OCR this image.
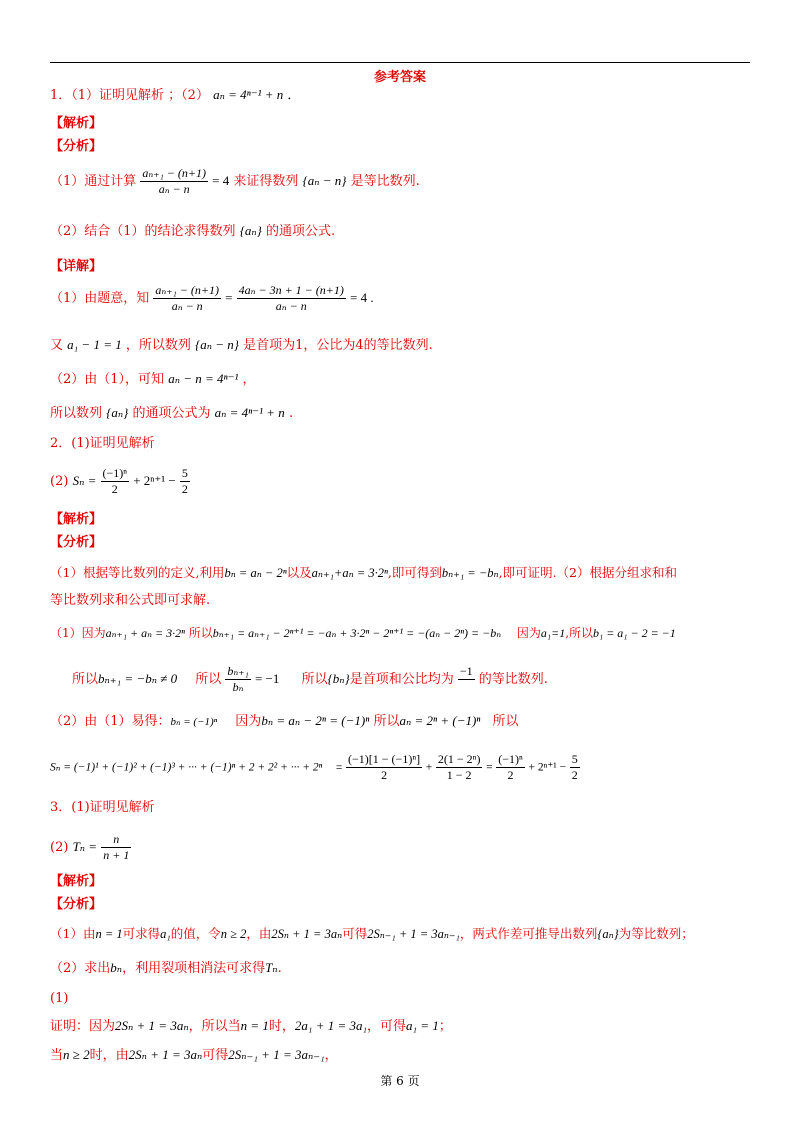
参考答案
1．（1）证明见解析 ；（2） aₙ = 4ⁿ⁻¹ + n ．
【解析】
【分析】
（1）通过计算 $\frac{\text{aₙ₊₁ − (n+1)}}{\text{aₙ − n}} = 4$ 来证得数列 {aₙ − n} 是等比数列.
（2）结合（1）的结论求得数列 {aₙ} 的通项公式.
【详解】
（1）由题意，知 $\frac{\text{aₙ₊₁ − (n+1)}}{\text{aₙ − n}} = \frac{\text{4aₙ − 3n + 1 − (n+1)}}{\text{aₙ − n}} = 4$ .
又 a₁ − 1 = 1 ，所以数列 {aₙ − n} 是首项为1，公比为4的等比数列.
（2）由（1），可知 aₙ − n = 4ⁿ⁻¹ ，
所以数列 {aₙ} 的通项公式为 aₙ = 4ⁿ⁻¹ + n .
2．(1)证明见解析
(2) $S_n = \frac{\text{(−1)ⁿ}}{2} + 2^{n+1} - \frac{5}{2}$
【解析】
【分析】
（1）根据等比数列的定义,利用bₙ = aₙ − 2ⁿ以及aₙ₊₁+aₙ = 3·2ⁿ,即可得到bₙ₊₁ = −bₙ,即可证明.（2）根据分组求和和
等比数列求和公式即可求解.
（1）因为aₙ₊₁ + aₙ = 3·2ⁿ 所以bₙ₊₁ = aₙ₊₁ − 2ⁿ⁺¹ = −aₙ + 3·2ⁿ − 2ⁿ⁺¹ = −(aₙ − 2ⁿ) = −bₙ 因为a₁=1,所以b₁ = a₁ − 2 = −1
所以bₙ₊₁ = −bₙ ≠ 0 所以 $\frac{\text{bₙ₊₁}}{\text{bₙ}} = -1$ 所以{bₙ}是首项和公比均为
−1

的等比数列.
（2）由（1）易得：bₙ = (−1)ⁿ 因为bₙ = aₙ − 2ⁿ = (−1)ⁿ 所以aₙ = 2ⁿ + (−1)ⁿ 所以
Sₙ = (−1)¹ + (−1)² + (−1)³ + ··· + (−1)ⁿ + 2 + 2² + ··· + $2^n = \frac{\text{(−1)[1 − (−1)ⁿ]}}{2} + \frac{\text{2(1 − 2ⁿ)}}{1 - 2} = \frac{\text{(−1)ⁿ}}{2} + 2^{n+1} - \frac{5}{2}$
3．(1)证明见解析
(2) $T_n = \frac{n}{n + 1}$
【解析】
【分析】
（1）由n = 1可求得a₁的值，令n ≥ 2，由2Sₙ + 1 = 3aₙ可得2Sₙ₋₁ + 1 = 3aₙ₋₁，两式作差可推导出数列{aₙ}为等比数列；
（2）求出bₙ，利用裂项相消法可求得Tₙ.
(1)
证明：因为2Sₙ + 1 = 3aₙ，所以当n = 1时，2a₁ + 1 = 3a₁，可得a₁ = 1；
当n ≥ 2时，由2Sₙ + 1 = 3aₙ可得2Sₙ₋₁ + 1 = 3aₙ₋₁，
第 6 页
